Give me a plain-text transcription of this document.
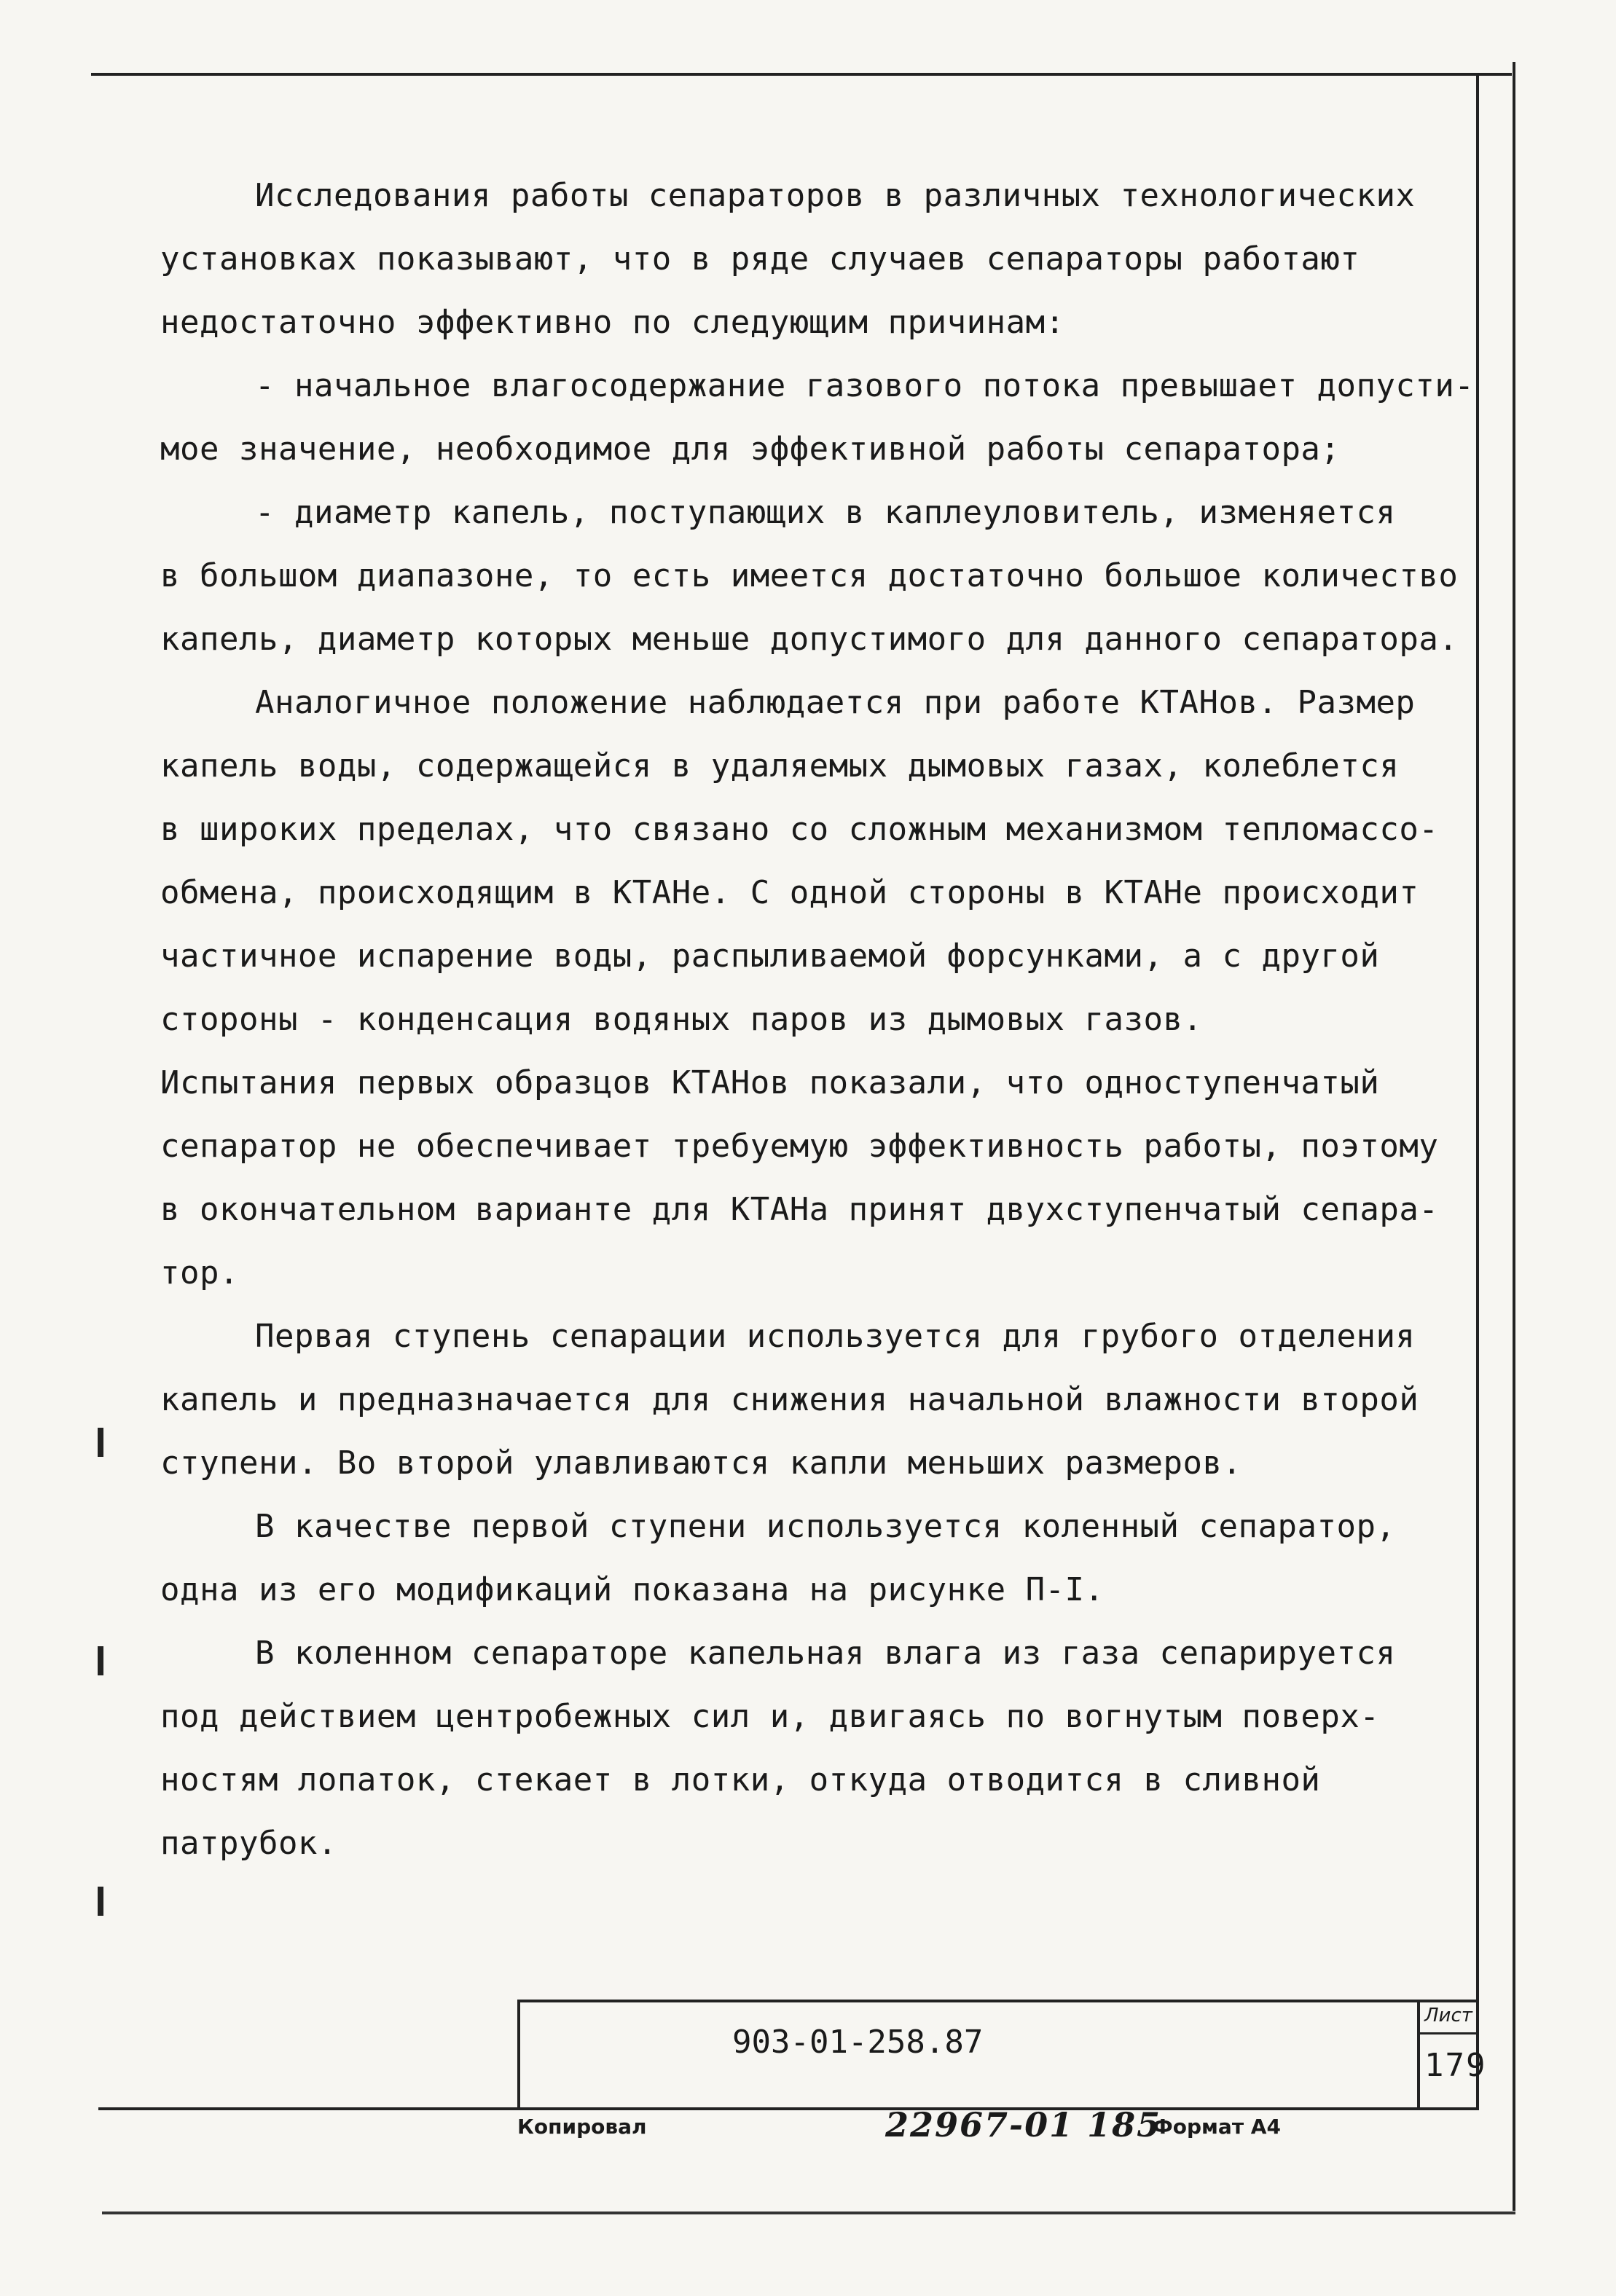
Исследования работы сепараторов в различных технологических
установках показывают, что в ряде случаев сепараторы работают
недостаточно эффективно по следующим причинам:
- начальное влагосодержание газового потока превышает допусти-
мое значение, необходимое для эффективной работы сепаратора;
- диаметр капель, поступающих в каплеуловитель, изменяется
в большом диапазоне, то есть имеется достаточно большое количество
капель, диаметр которых меньше допустимого для данного сепаратора.
Аналогичное положение наблюдается при работе КТАНов. Размер
капель воды, содержащейся в удаляемых дымовых газах, колеблется
в широких пределах, что связано со сложным механизмом тепломассо-
обмена, происходящим в КТАНе. С одной стороны в КТАНе происходит
частичное испарение воды, распыливаемой форсунками, а с другой
стороны - конденсация водяных паров из дымовых газов.
Испытания первых образцов КТАНов показали, что одноступенчатый
сепаратор не обеспечивает требуемую эффективность работы, поэтому
в окончательном варианте для КТАНа принят двухступенчатый сепара-
тор.
Первая ступень сепарации используется для грубого отделения
капель и предназначается для снижения начальной влажности второй
ступени. Во второй улавливаются капли меньших размеров.
В качестве первой ступени используется коленный сепаратор,
одна из его модификаций показана на рисунке П-I.
В коленном сепараторе капельная влага из газа сепарируется
под действием центробежных сил и, двигаясь по вогнутым поверх-
ностям лопаток, стекает в лотки, откуда отводится в сливной
патрубок.
903-01-258.87
Лист
179
Копировал	22967-01 185
Формат А4
